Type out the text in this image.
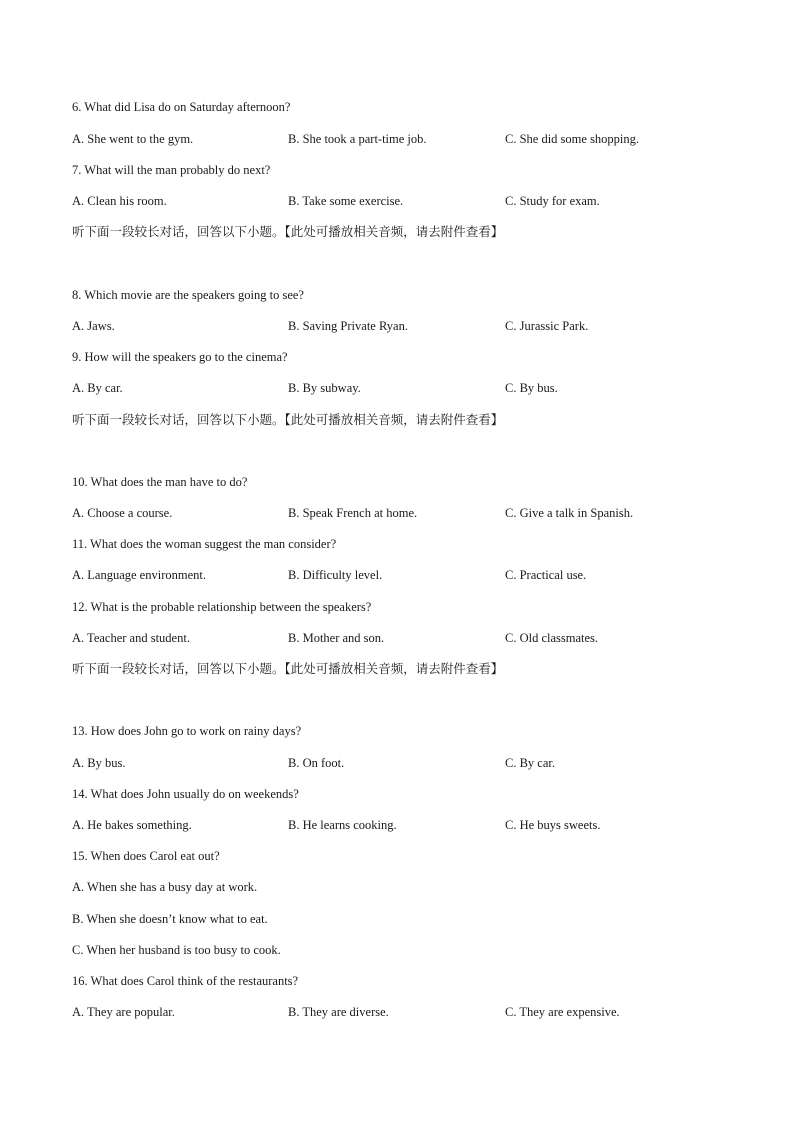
6. What did Lisa do on Saturday afternoon?
A. She went to the gym.	B. She took a part-time job.	C. She did some shopping.
7. What will the man probably do next?
A. Clean his room.	B. Take some exercise.	C. Study for exam.
听下面一段较长对话，回答以下小题。【此处可播放相关音频，请去附件查看】
8. Which movie are the speakers going to see?
A. Jaws.	B. Saving Private Ryan.	C. Jurassic Park.
9. How will the speakers go to the cinema?
A. By car.	B. By subway.	C. By bus.
听下面一段较长对话，回答以下小题。【此处可播放相关音频，请去附件查看】
10. What does the man have to do?
A. Choose a course.	B. Speak French at home.	C. Give a talk in Spanish.
11. What does the woman suggest the man consider?
A. Language environment.	B. Difficulty level.	C. Practical use.
12. What is the probable relationship between the speakers?
A. Teacher and student.	B. Mother and son.	C. Old classmates.
听下面一段较长对话，回答以下小题。【此处可播放相关音频，请去附件查看】
13. How does John go to work on rainy days?
A. By bus.	B. On foot.	C. By car.
14. What does John usually do on weekends?
A. He bakes something.	B. He learns cooking.	C. He buys sweets.
15. When does Carol eat out?
A. When she has a busy day at work.
B. When she doesn’t know what to eat.
C. When her husband is too busy to cook.
16. What does Carol think of the restaurants?
A. They are popular.	B. They are diverse.	C. They are expensive.
